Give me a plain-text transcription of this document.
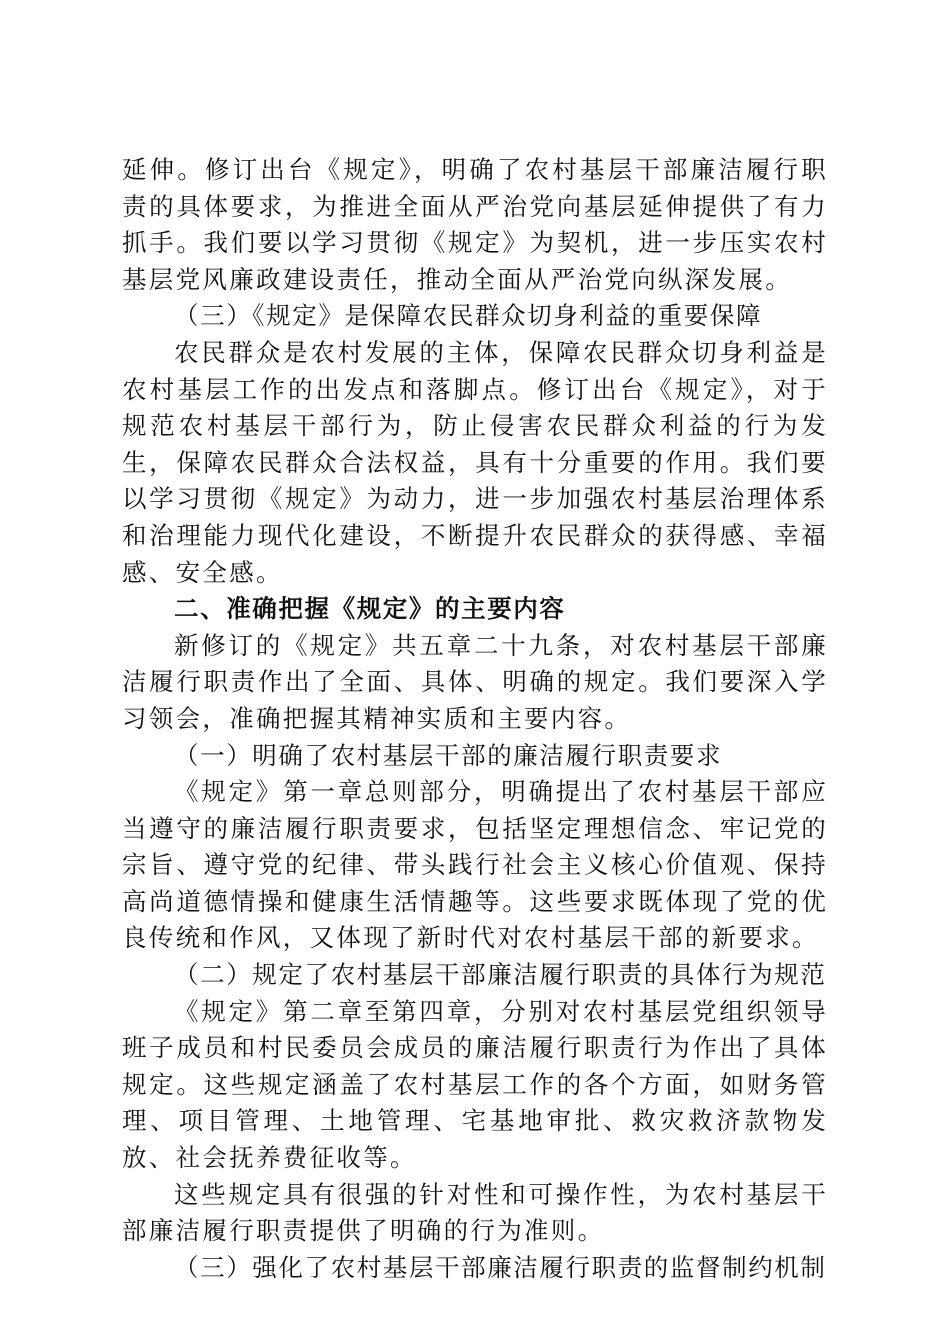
延伸。修订出台《规定》，明确了农村基层干部廉洁履行职责的具体要求，为推进全面从严治党向基层延伸提供了有力抓手。我们要以学习贯彻《规定》为契机，进一步压实农村基层党风廉政建设责任，推动全面从严治党向纵深发展。

（三）《规定》是保障农民群众切身利益的重要保障

农民群众是农村发展的主体，保障农民群众切身利益是农村基层工作的出发点和落脚点。修订出台《规定》，对于规范农村基层干部行为，防止侵害农民群众利益的行为发生，保障农民群众合法权益，具有十分重要的作用。我们要以学习贯彻《规定》为动力，进一步加强农村基层治理体系和治理能力现代化建设，不断提升农民群众的获得感、幸福感、安全感。

二、准确把握《规定》的主要内容

新修订的《规定》共五章二十九条，对农村基层干部廉洁履行职责作出了全面、具体、明确的规定。我们要深入学习领会，准确把握其精神实质和主要内容。

（一）明确了农村基层干部的廉洁履行职责要求

《规定》第一章总则部分，明确提出了农村基层干部应当遵守的廉洁履行职责要求，包括坚定理想信念、牢记党的宗旨、遵守党的纪律、带头践行社会主义核心价值观、保持高尚道德情操和健康生活情趣等。这些要求既体现了党的优良传统和作风，又体现了新时代对农村基层干部的新要求。

（二）规定了农村基层干部廉洁履行职责的具体行为规范

《规定》第二章至第四章，分别对农村基层党组织领导班子成员和村民委员会成员的廉洁履行职责行为作出了具体规定。这些规定涵盖了农村基层工作的各个方面，如财务管理、项目管理、土地管理、宅基地审批、救灾救济款物发放、社会抚养费征收等。

这些规定具有很强的针对性和可操作性，为农村基层干部廉洁履行职责提供了明确的行为准则。

（三）强化了农村基层干部廉洁履行职责的监督制约机制
